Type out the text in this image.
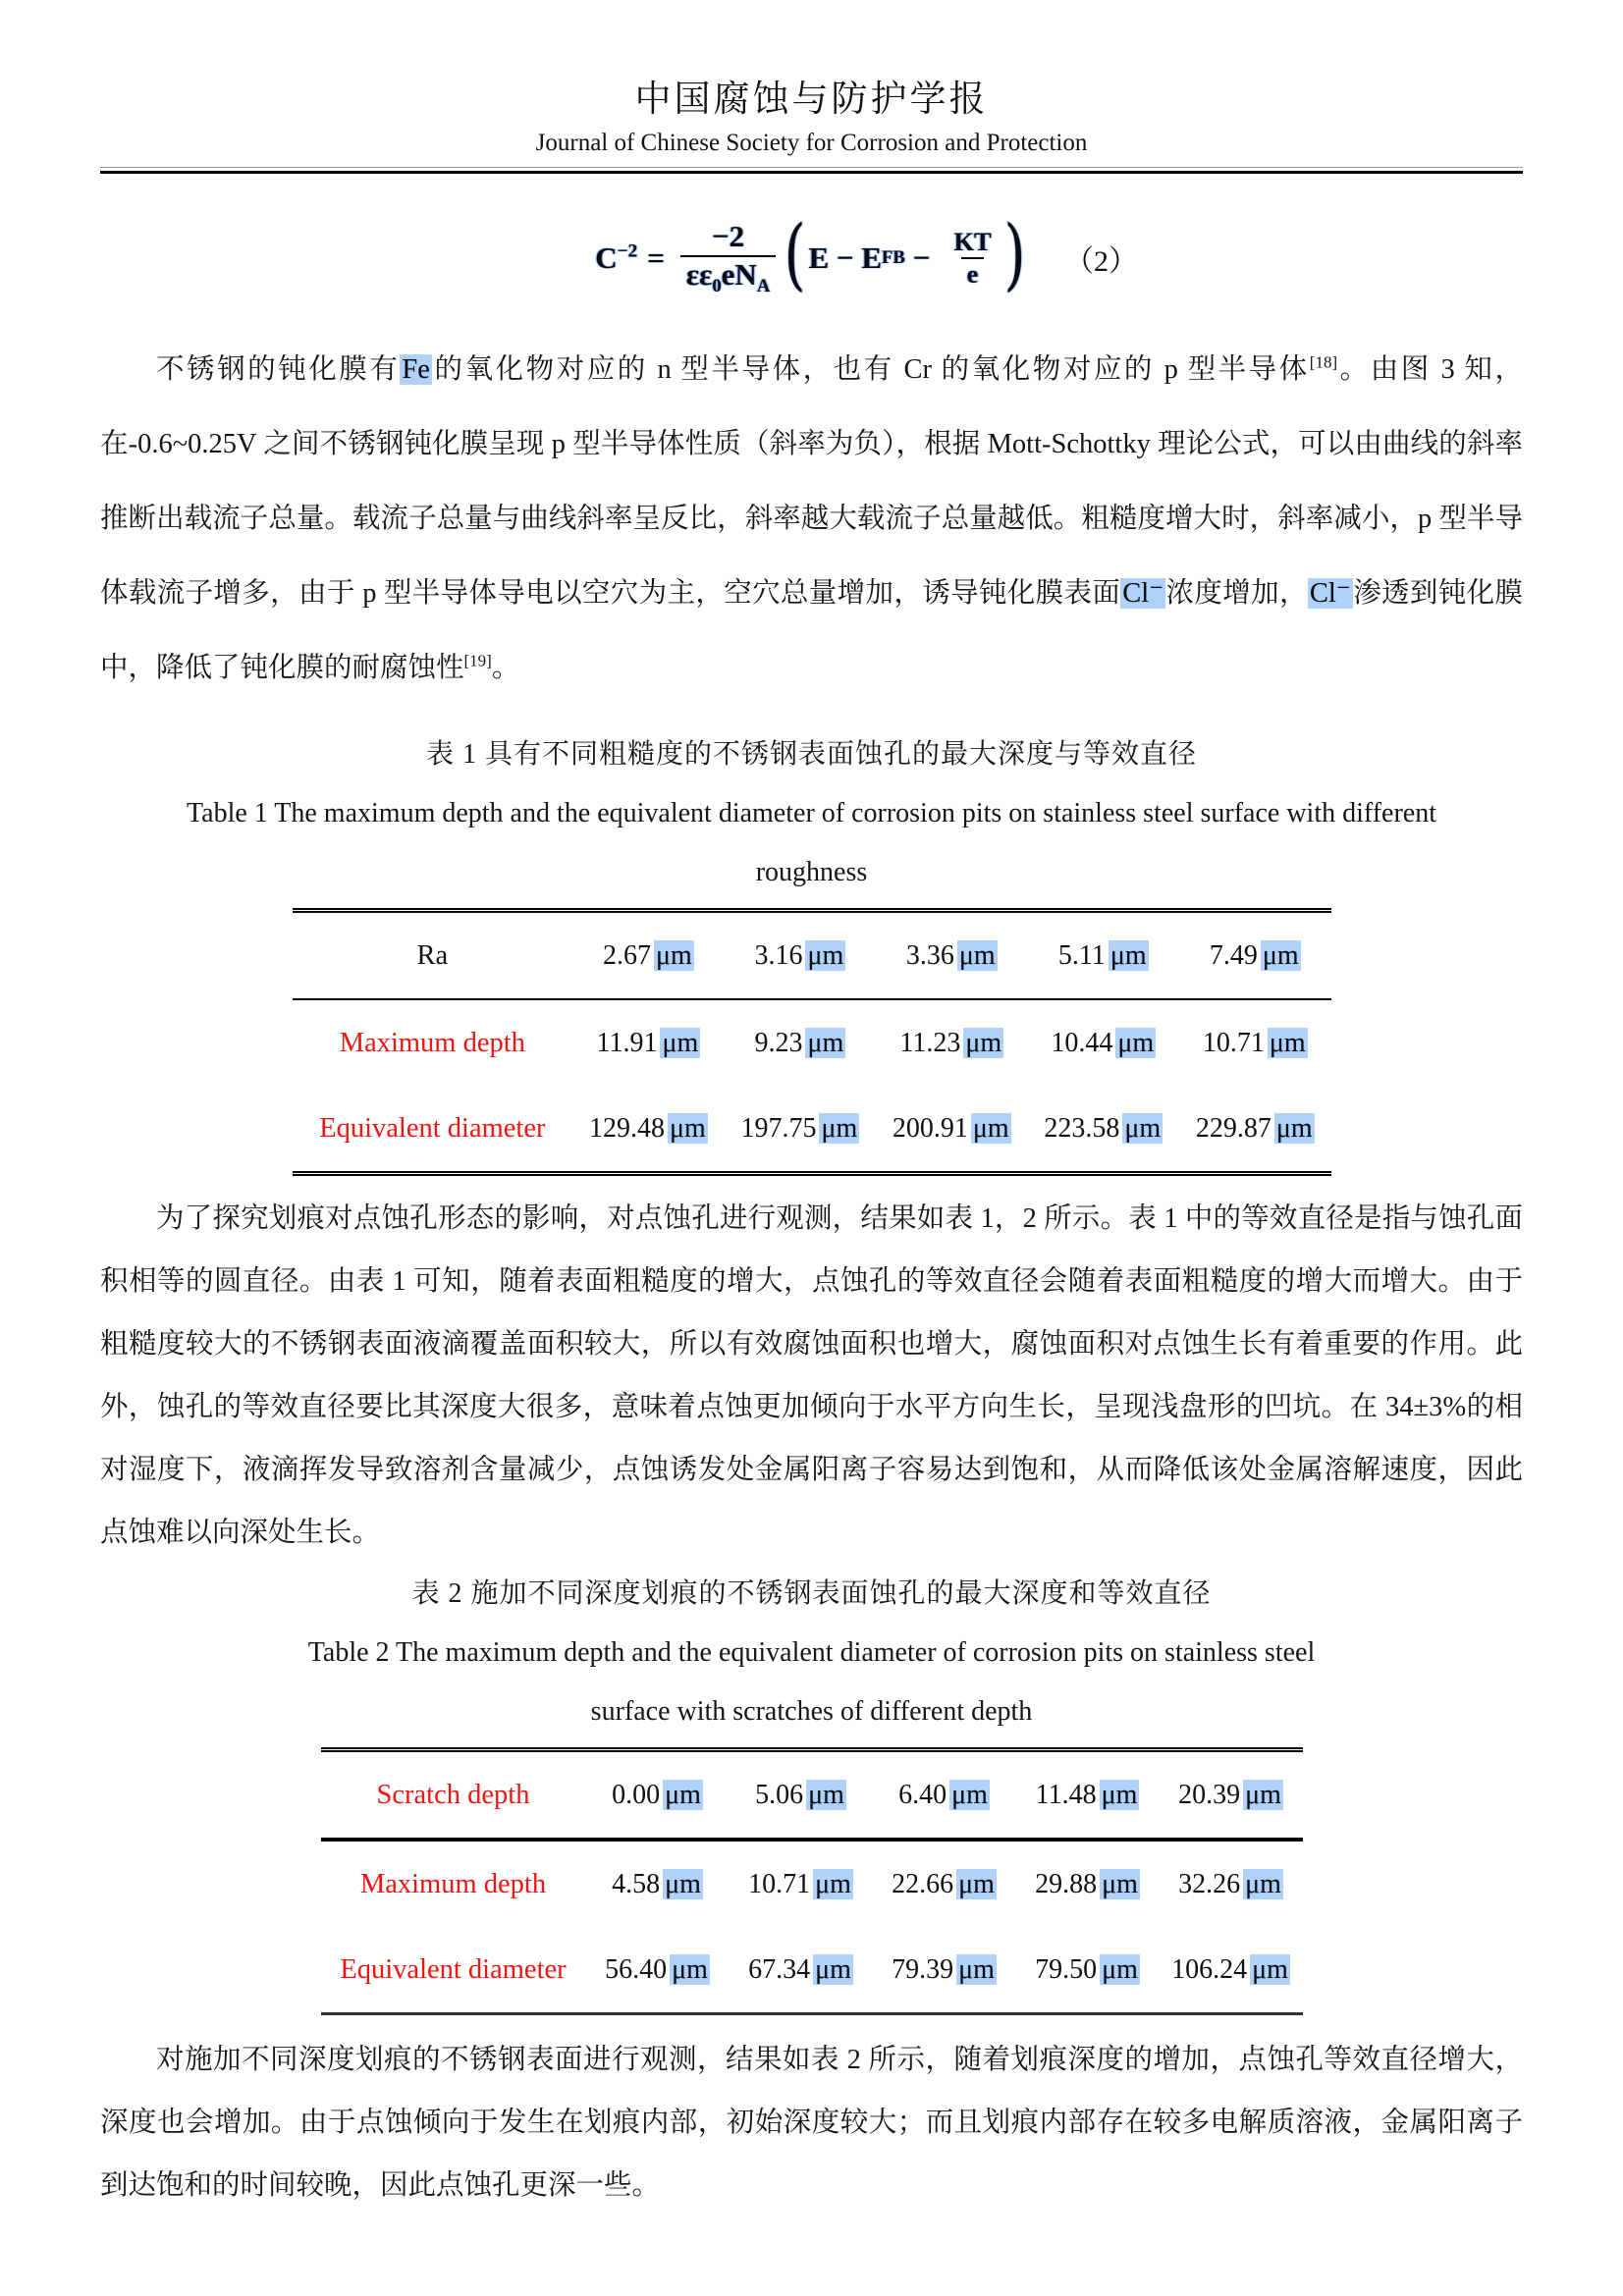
中国腐蚀与防护学报
Journal of Chinese Society for Corrosion and Protection
$C^{-2} = \frac{-2}{\varepsilon\varepsilon_0eN_A}$ ( E − E FB − $\frac{KT}{e}$ ) （2）

不锈钢的钝化膜有Fe的氧化物对应的 n 型半导体，也有 Cr 的氧化物对应的 p 型半导体[18]。由图 3 知，在-0.6~0.25V 之间不锈钢钝化膜呈现 p 型半导体性质（斜率为负），根据 Mott-Schottky 理论公式，可以由曲线的斜率推断出载流子总量。载流子总量与曲线斜率呈反比，斜率越大载流子总量越低。粗糙度增大时，斜率减小，p 型半导体载流子增多，由于 p 型半导体导电以空穴为主，空穴总量增加，诱导钝化膜表面Cl⁻浓度增加，Cl⁻渗透到钝化膜中，降低了钝化膜的耐腐蚀性[19]。

表 1 具有不同粗糙度的不锈钢表面蚀孔的最大深度与等效直径
Table 1 The maximum depth and the equivalent diameter of corrosion pits on stainless steel surface with different
roughness
Ra	2.67 μm	3.16 μm	3.36 μm	5.11 μm	7.49 μm
Maximum depth	11.91 μm	9.23 μm	11.23 μm	10.44 μm	10.71 μm
Equivalent diameter	129.48 μm	197.75 μm	200.91 μm	223.58 μm	229.87 μm

为了探究划痕对点蚀孔形态的影响，对点蚀孔进行观测，结果如表 1，2 所示。表 1 中的等效直径是指与蚀孔面积相等的圆直径。由表 1 可知，随着表面粗糙度的增大，点蚀孔的等效直径会随着表面粗糙度的增大而增大。由于粗糙度较大的不锈钢表面液滴覆盖面积较大，所以有效腐蚀面积也增大，腐蚀面积对点蚀生长有着重要的作用。此外，蚀孔的等效直径要比其深度大很多，意味着点蚀更加倾向于水平方向生长，呈现浅盘形的凹坑。在 34±3%的相对湿度下，液滴挥发导致溶剂含量减少，点蚀诱发处金属阳离子容易达到饱和，从而降低该处金属溶解速度，因此点蚀难以向深处生长。

表 2 施加不同深度划痕的不锈钢表面蚀孔的最大深度和等效直径
Table 2 The maximum depth and the equivalent diameter of corrosion pits on stainless steel
surface with scratches of different depth
Scratch depth	0.00 μm	5.06 μm	6.40 μm	11.48 μm	20.39 μm
Maximum depth	4.58 μm	10.71 μm	22.66 μm	29.88 μm	32.26 μm
Equivalent diameter	56.40 μm	67.34 μm	79.39 μm	79.50 μm	106.24 μm

对施加不同深度划痕的不锈钢表面进行观测，结果如表 2 所示，随着划痕深度的增加，点蚀孔等效直径增大，深度也会增加。由于点蚀倾向于发生在划痕内部，初始深度较大；而且划痕内部存在较多电解质溶液，金属阳离子到达饱和的时间较晚，因此点蚀孔更深一些。
